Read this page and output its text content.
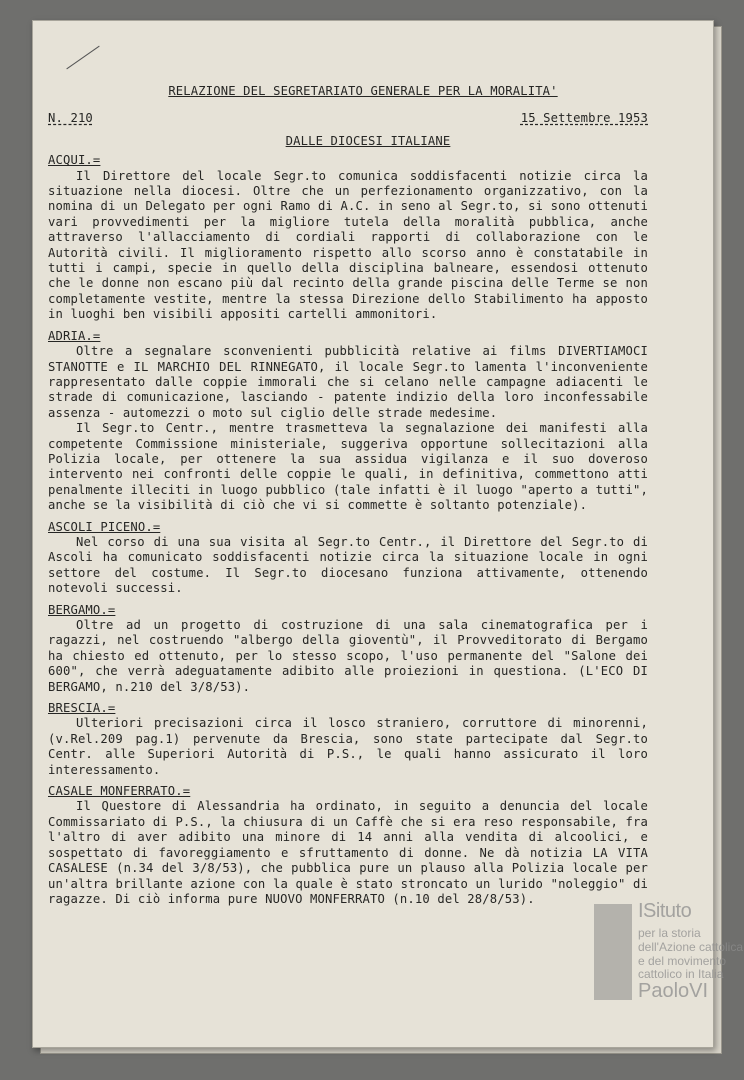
RELAZIONE DEL SEGRETARIATO GENERALE PER LA MORALITA'
N. 210	15 Settembre 1953
DALLE DIOCESI ITALIANE
ACQUI.=
Il Direttore del locale Segr.to comunica soddisfacenti notizie circa la situazione nella diocesi. Oltre che un perfezionamento organizzativo, con la nomina di un Delegato per ogni Ramo di A.C. in seno al Segr.to, si sono ottenuti vari provvedimenti per la migliore tutela della moralità pubblica, anche attraverso l'allacciamento di cordiali rapporti di collaborazione con le Autorità civili. Il miglioramento rispetto allo scorso anno è constatabile in tutti i campi, specie in quello della disciplina balneare, essendosi ottenuto che le donne non escano più dal recinto della grande piscina delle Terme se non completamente vestite, mentre la stessa Direzione dello Stabilimento ha apposto in luoghi ben visibili appositi cartelli ammonitori.
ADRIA.=
Oltre a segnalare sconvenienti pubblicità relative ai films DIVERTIAMOCI STANOTTE e IL MARCHIO DEL RINNEGATO, il locale Segr.to lamenta l'inconveniente rappresentato dalle coppie immorali che si celano nelle campagne adiacenti le strade di comunicazione, lasciando - patente indizio della loro inconfessabile assenza - automezzi o moto sul ciglio delle strade medesime.
Il Segr.to Centr., mentre trasmetteva la segnalazione dei manifesti alla competente Commissione ministeriale, suggeriva opportune sollecitazioni alla Polizia locale, per ottenere la sua assidua vigilanza e il suo doveroso intervento nei confronti delle coppie le quali, in definitiva, commettono atti penalmente illeciti in luogo pubblico (tale infatti è il luogo "aperto a tutti", anche se la visibilità di ciò che vi si commette è soltanto potenziale).
ASCOLI PICENO.=
Nel corso di una sua visita al Segr.to Centr., il Direttore del Segr.to di Ascoli ha comunicato soddisfacenti notizie circa la situazione locale in ogni settore del costume. Il Segr.to diocesano funziona attivamente, ottenendo notevoli successi.
BERGAMO.=
Oltre ad un progetto di costruzione di una sala cinematografica per i ragazzi, nel costruendo "albergo della gioventù", il Provveditorato di Bergamo ha chiesto ed ottenuto, per lo stesso scopo, l'uso permanente del "Salone dei 600", che verrà adeguatamente adibito alle proiezioni in questiona. (L'ECO DI BERGAMO, n.210 del 3/8/53).
BRESCIA.=
Ulteriori precisazioni circa il losco straniero, corruttore di minorenni, (v.Rel.209 pag.1) pervenute da Brescia, sono state partecipate dal Segr.to Centr. alle Superiori Autorità di P.S., le quali hanno assicurato il loro interessamento.
CASALE MONFERRATO.=
Il Questore di Alessandria ha ordinato, in seguito a denuncia del locale Commissariato di P.S., la chiusura di un Caffè che si era reso responsabile, fra l'altro di aver adibito una minore di 14 anni alla vendita di alcoolici, e sospettato di favoreggiamento e sfruttamento di donne. Ne dà notizia LA VITA CASALESE (n.34 del 3/8/53), che pubblica pure un plauso alla Polizia locale per un'altra brillante azione con la quale è stato stroncato un lurido "noleggio" di ragazze. Di ciò informa pure NUOVO MONFERRATO (n.10 del 28/8/53).
ISituto
per la storia
dell'Azione cattolica
e del movimento
cattolico in Italia
PaoloVI
